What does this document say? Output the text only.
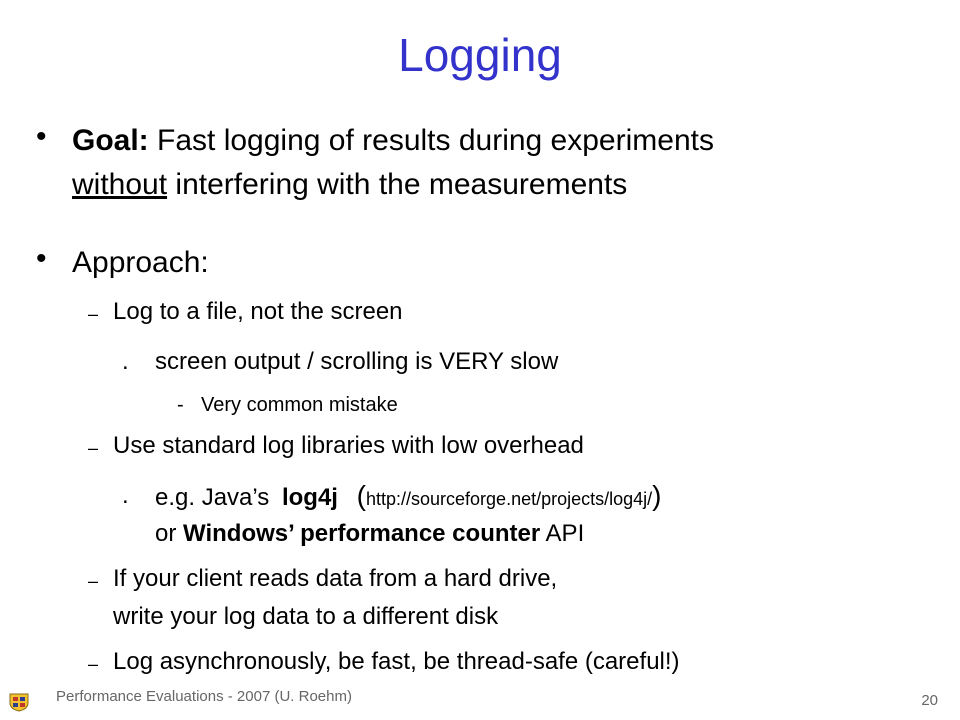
Logging
• Goal: Fast logging of results during experiments
without interfering with the measurements
• Approach:
– Log to a file, not the screen
. screen output / scrolling is VERY slow
- Very common mistake
– Use standard log libraries with low overhead
. e.g. Java’s log4j (http://sourceforge.net/projects/log4j/)
or Windows’ performance counter API
– If your client reads data from a hard drive,
write your log data to a different disk
– Log asynchronously, be fast, be thread-safe (careful!)
Performance Evaluations - 2007 (U. Roehm)	20
